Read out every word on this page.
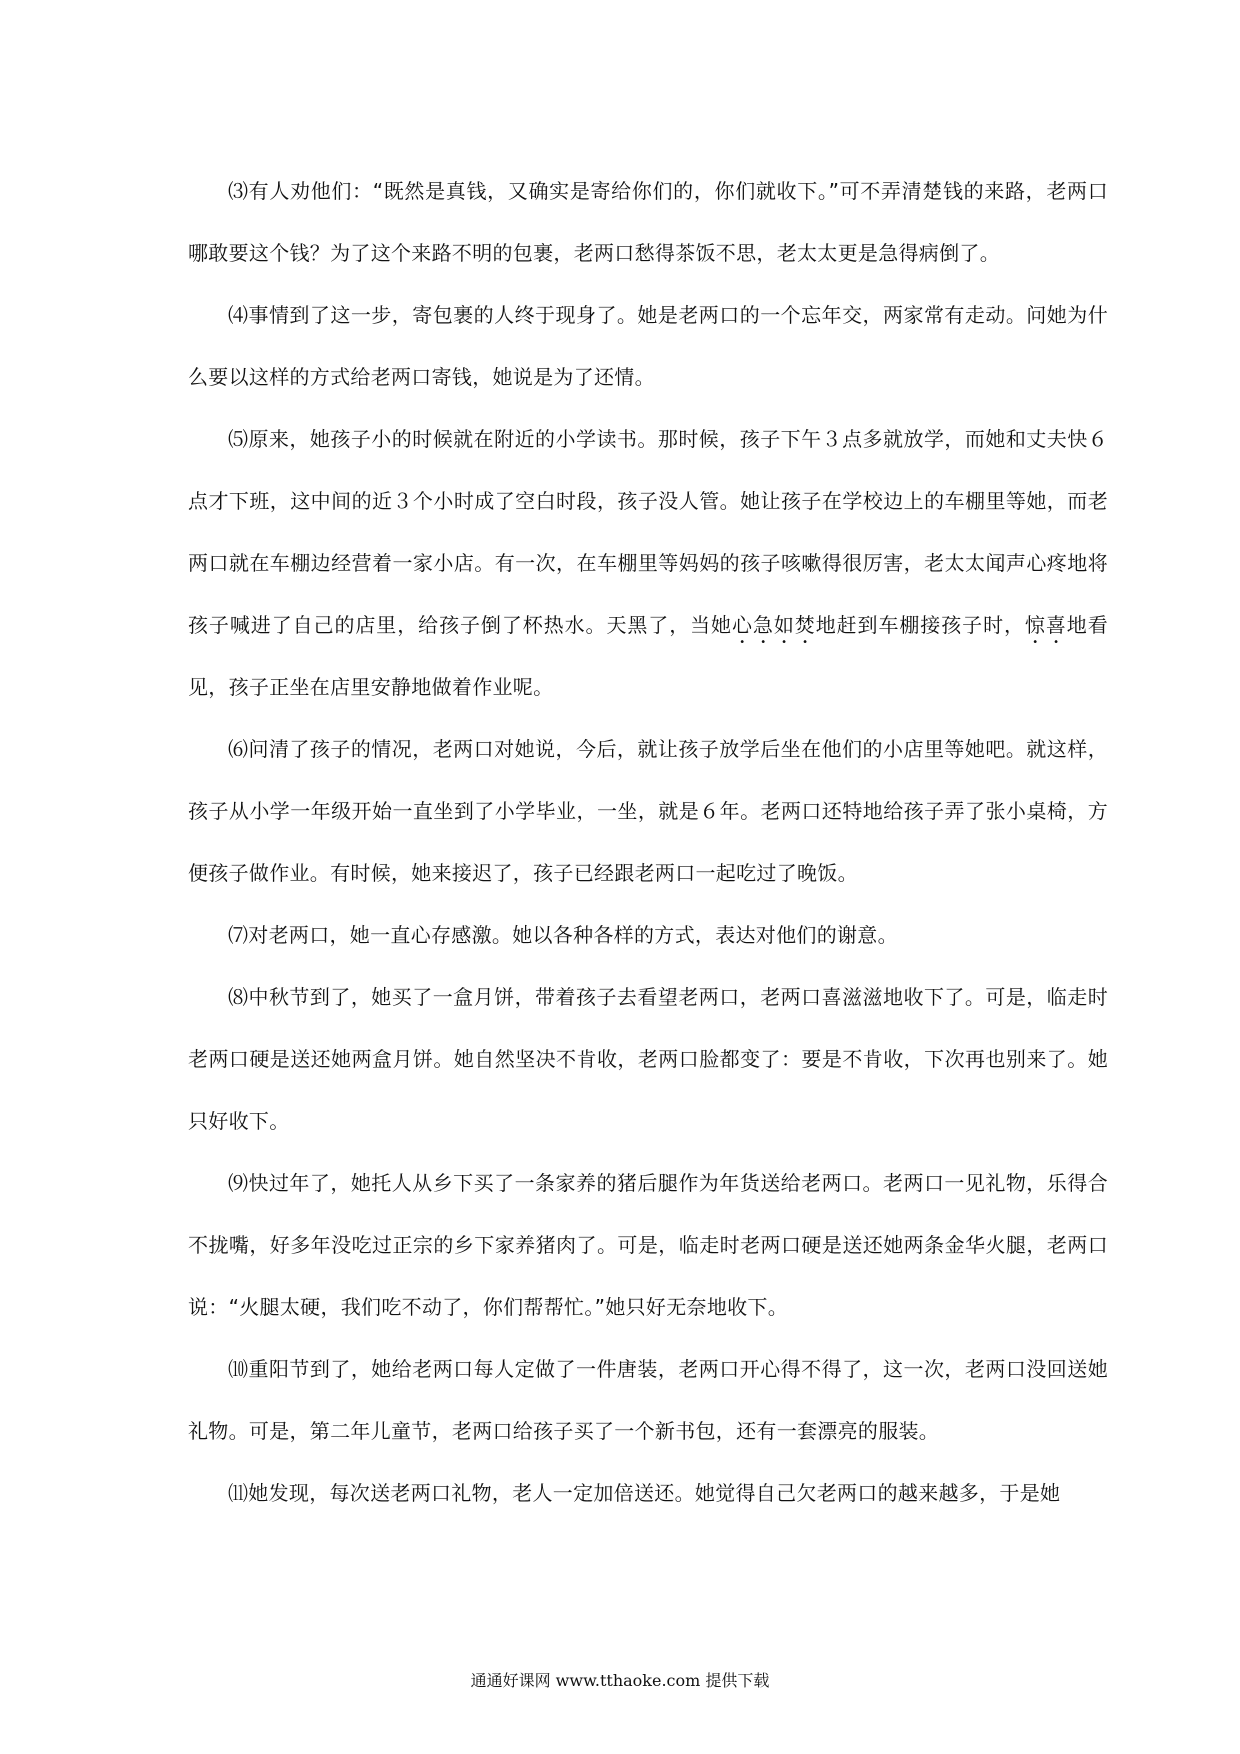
⑶有人劝他们：“既然是真钱，又确实是寄给你们的，你们就收下。”可不弄清楚钱的来路，老两口哪敢要这个钱？为了这个来路不明的包裹，老两口愁得茶饭不思，老太太更是急得病倒了。

⑷事情到了这一步，寄包裹的人终于现身了。她是老两口的一个忘年交，两家常有走动。问她为什么要以这样的方式给老两口寄钱，她说是为了还情。

⑸原来，她孩子小的时候就在附近的小学读书。那时候，孩子下午３点多就放学，而她和丈夫快６点才下班，这中间的近３个小时成了空白时段，孩子没人管。她让孩子在学校边上的车棚里等她，而老两口就在车棚边经营着一家小店。有一次，在车棚里等妈妈的孩子咳嗽得很厉害，老太太闻声心疼地将孩子喊进了自己的店里，给孩子倒了杯热水。天黑了，当她心急如焚地赶到车棚接孩子时，惊喜地看见，孩子正坐在店里安静地做着作业呢。

⑹问清了孩子的情况，老两口对她说，今后，就让孩子放学后坐在他们的小店里等她吧。就这样，孩子从小学一年级开始一直坐到了小学毕业，一坐，就是６年。老两口还特地给孩子弄了张小桌椅，方便孩子做作业。有时候，她来接迟了，孩子已经跟老两口一起吃过了晚饭。

⑺对老两口，她一直心存感激。她以各种各样的方式，表达对他们的谢意。

⑻中秋节到了，她买了一盒月饼，带着孩子去看望老两口，老两口喜滋滋地收下了。可是，临走时老两口硬是送还她两盒月饼。她自然坚决不肯收，老两口脸都变了：要是不肯收，下次再也别来了。她只好收下。

⑼快过年了，她托人从乡下买了一条家养的猪后腿作为年货送给老两口。老两口一见礼物，乐得合不拢嘴，好多年没吃过正宗的乡下家养猪肉了。可是，临走时老两口硬是送还她两条金华火腿，老两口说：“火腿太硬，我们吃不动了，你们帮帮忙。”她只好无奈地收下。

⑽重阳节到了，她给老两口每人定做了一件唐装，老两口开心得不得了，这一次，老两口没回送她礼物。可是，第二年儿童节，老两口给孩子买了一个新书包，还有一套漂亮的服装。

⑾她发现，每次送老两口礼物，老人一定加倍送还。她觉得自己欠老两口的越来越多，于是她

通通好课网 www.tthaoke.com 提供下载
